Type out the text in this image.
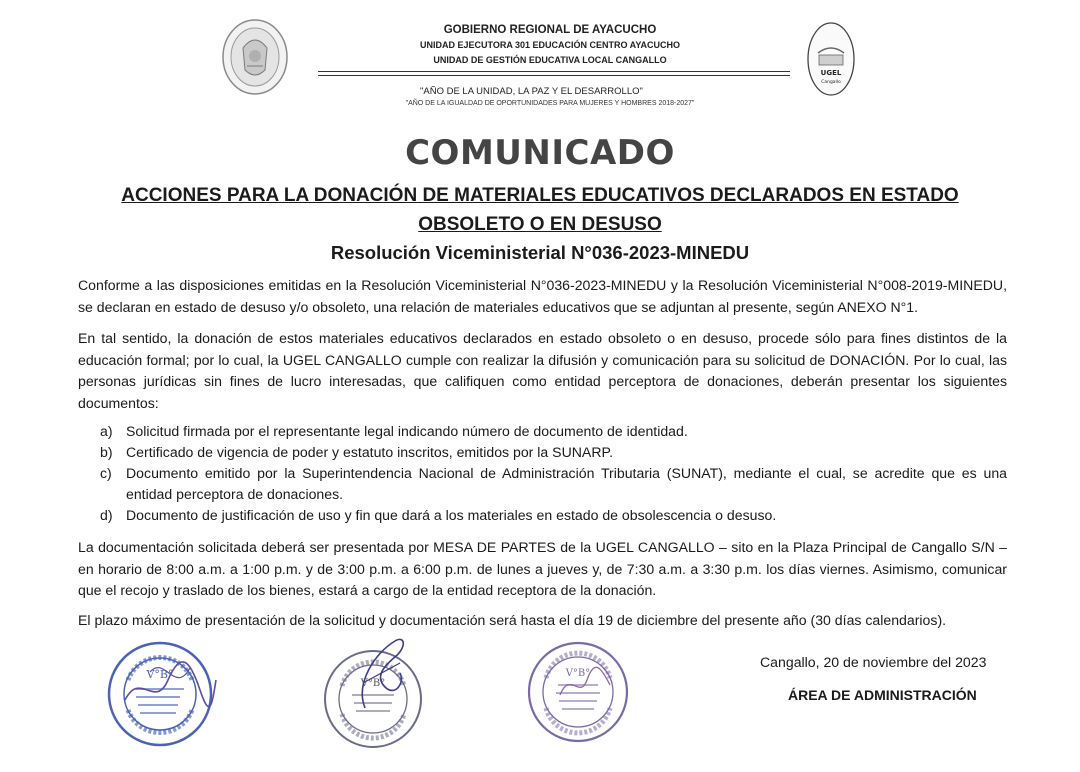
GOBIERNO REGIONAL DE AYACUCHO
UNIDAD EJECUTORA 301 EDUCACIÓN CENTRO AYACUCHO
UNIDAD DE GESTIÓN EDUCATIVA LOCAL CANGALLO
"AÑO DE LA UNIDAD, LA PAZ Y EL DESARROLLO"
"AÑO DE LA IGUALDAD DE OPORTUNIDADES PARA MUJERES Y HOMBRES 2018-2027"
UGEL
Cangallo
COMUNICADO
ACCIONES PARA LA DONACIÓN DE MATERIALES EDUCATIVOS DECLARADOS EN ESTADO OBSOLETO O EN DESUSO
Resolución Viceministerial N°036-2023-MINEDU

Conforme a las disposiciones emitidas en la Resolución Viceministerial N°036-2023-MINEDU y la Resolución Viceministerial N°008-2019-MINEDU, se declaran en estado de desuso y/o obsoleto, una relación de materiales educativos que se adjuntan al presente, según ANEXO N°1.

En tal sentido, la donación de estos materiales educativos declarados en estado obsoleto o en desuso, procede sólo para fines distintos de la educación formal; por lo cual, la UGEL CANGALLO cumple con realizar la difusión y comunicación para su solicitud de DONACIÓN. Por lo cual, las personas jurídicas sin fines de lucro interesadas, que califiquen como entidad perceptora de donaciones, deberán presentar los siguientes documentos:

a) Solicitud firmada por el representante legal indicando número de documento de identidad.
b) Certificado de vigencia de poder y estatuto inscritos, emitidos por la SUNARP.
c) Documento emitido por la Superintendencia Nacional de Administración Tributaria (SUNAT), mediante el cual, se acredite que es una entidad perceptora de donaciones.
d) Documento de justificación de uso y fin que dará a los materiales en estado de obsolescencia o desuso.

La documentación solicitada deberá ser presentada por MESA DE PARTES de la UGEL CANGALLO – sito en la Plaza Principal de Cangallo S/N – en horario de 8:00 a.m. a 1:00 p.m. y de 3:00 p.m. a 6:00 p.m. de lunes a jueves y, de 7:30 a.m. a 3:30 p.m. los días viernes. Asimismo, comunicar que el recojo y traslado de los bienes, estará a cargo de la entidad receptora de la donación.

El plazo máximo de presentación de la solicitud y documentación será hasta el día 19 de diciembre del presente año (30 días calendarios).

V°B°
V°B°
V°B°
Cangallo, 20 de noviembre del 2023
ÁREA DE ADMINISTRACIÓN
